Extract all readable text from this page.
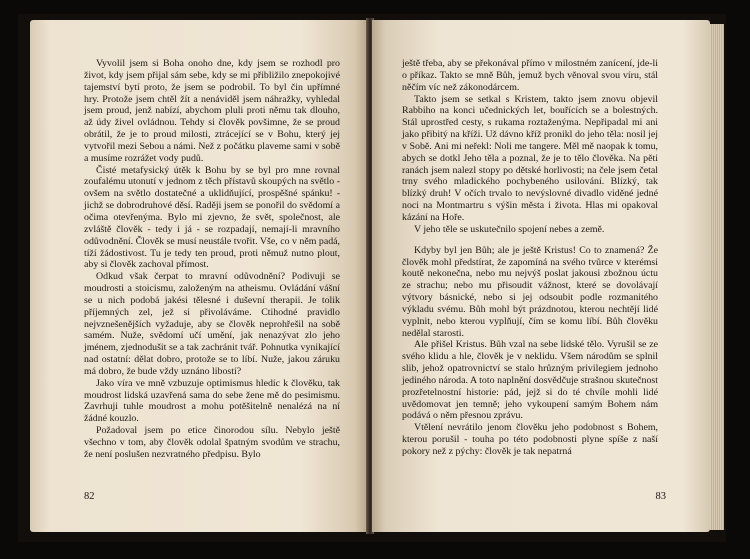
Vyvolil jsem si Boha onoho dne, kdy jsem se rozhodl pro život, kdy jsem přijal sám sebe, kdy se mi přibližilo znepokojivé tajemství bytí proto, že jsem se podrobil. To byl čin upřímné hry. Protože jsem chtěl žít a nenáviděl jsem náhražky, vyhledal jsem proud, jenž nabízí, abychom pluli proti němu tak dlouho, až údy živel ovládnou. Tehdy si člověk povšimne, že se proud obrátil, že je to proud milosti, ztrácející se v Bohu, který jej vytvořil mezi Sebou a námi. Než z počátku plaveme sami v sobě a musíme rozrážet vody pudů.

Čisté metafysický útěk k Bohu by se byl pro mne rovnal zoufalému utonutí v jednom z těch přístavů skoupých na světlo - ovšem na světlo dostatečné a uklidňující, prospěšné spánku! - jichž se dobrodruhové děsí. Raději jsem se ponořil do svědomí a očima otevřenýma. Bylo mi zjevno, že svět, společnost, ale zvláště člověk - tedy i já - se rozpadají, nemají-li mravního odůvodnění. Člověk se musí neustále tvořit. Vše, co v něm padá, tíží žádostivost. Tu je tedy ten proud, proti němuž nutno plout, aby si člověk zachoval přímost.

Odkud však čerpat to mravní odůvodnění? Podivuji se moudrosti a stoicismu, založeným na atheismu. Ovládání vášní se u nich podobá jakési tělesné i duševní therapii. Je tolik příjemných zel, jež si přivoláváme. Ctihodné pravidlo nejvznešenějších vyžaduje, aby se člověk neprohřešil na sobě samém. Nuže, svědomí učí umění, jak nenazývat zlo jeho jménem, zjednodušit se a tak zachránit tvář. Pohnutka vynikající nad ostatní: dělat dobro, protože se to líbí. Nuže, jakou záruku má dobro, že bude vždy uznáno libostí?

Jako víra ve mně vzbuzuje optimismus hledíc k člověku, tak moudrost lidská uzavřená sama do sebe žene mě do pesimismu. Zavrhuji tuhle moudrost a mohu potěšitelně nenalézá na ní žádné kouzlo.

Požadoval jsem po etice činorodou sílu. Nebylo ještě všechno v tom, aby člověk odolal špatným svodům ve strachu, že není poslušen nezvratného předpisu. Bylo

82

ještě třeba, aby se překonával přímo v milostném zanícení, jde-li o příkaz. Takto se mně Bůh, jemuž bych věnoval svou víru, stál něčím víc než zákonodárcem.

Takto jsem se setkal s Kristem, takto jsem znovu objevil Rabbiho na konci učednických let, bouřících se a bolestných. Stál uprostřed cesty, s rukama roztaženýma. Nepřipadal mi ani jako přibitý na kříži. Už dávno kříž pronikl do jeho těla: nosil jej v Sobě. Ani mi neřekl: Noli me tangere. Měl mě naopak k tomu, abych se dotkl Jeho těla a poznal, že je to tělo člověka. Na pěti ranách jsem nalezl stopy po dětské horlivosti; na čele jsem četal trny svého mladického pochybeného usilování. Blízký, tak blízký druh! V očích trvalo to nevýslovné divadlo viděné jedné noci na Montmartru s výšin města i života. Hlas mi opakoval kázání na Hoře.

V jeho těle se uskutečnilo spojení nebes a země.

Kdyby byl jen Bůh; ale je ještě Kristus! Co to znamená? Že člověk mohl předstírat, že zapomíná na svého tvůrce v kterémsi koutě nekonečna, nebo mu nejvýš poslat jakousi zbožnou úctu ze strachu; nebo mu přisoudit vážnost, které se dovolávají výtvory básnické, nebo si jej odsoubit podle rozmanitého výkladu svému. Bůh mohl být prázdnotou, kterou nechtějí lidé vyplnit, nebo kterou vyplňují, čím se komu líbí. Bůh člověku nedělal starosti.

Ale přišel Kristus. Bůh vzal na sebe lidské tělo. Vyrušil se ze svého klidu a hle, člověk je v neklidu. Všem národům se splnil slib, jehož opatrovnictví se stalo hrůzným privilegiem jednoho jediného národa. A toto naplnění dosvědčuje strašnou skutečnost prozřetelnostní historie: pád, jejž si do té chvíle mohli lidé uvědomovat jen temně; jeho vykoupení samým Bohem nám podává o něm přesnou zprávu.

Vtělení nevrátilo jenom člověku jeho podobnost s Bohem, kterou porušil - touha po této podobnosti plyne spíše z naší pokory než z pýchy: člověk je tak nepatrná

83
